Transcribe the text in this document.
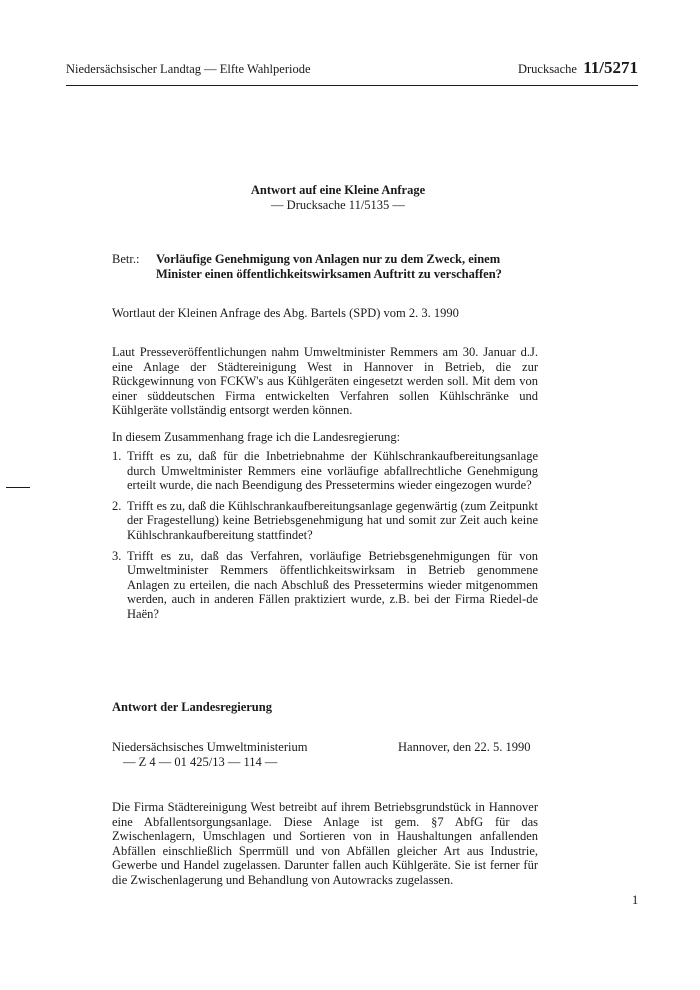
Niedersächsischer Landtag — Elfte Wahlperiode	Drucksache 11/5271
Antwort auf eine Kleine Anfrage
— Drucksache 11/5135 —
Betr.: Vorläufige Genehmigung von Anlagen nur zu dem Zweck, einem Minister einen öffentlichkeitswirksamen Auftritt zu verschaffen?
Wortlaut der Kleinen Anfrage des Abg. Bartels (SPD) vom 2. 3. 1990
Laut Presseveröffentlichungen nahm Umweltminister Remmers am 30. Januar d.J. eine Anlage der Städtereinigung West in Hannover in Betrieb, die zur Rückgewinnung von FCKW's aus Kühlgeräten eingesetzt werden soll. Mit dem von einer süddeutschen Firma entwickelten Verfahren sollen Kühlschränke und Kühlgeräte vollständig entsorgt werden können.
In diesem Zusammenhang frage ich die Landesregierung:
1. Trifft es zu, daß für die Inbetriebnahme der Kühlschrankaufbereitungsanlage durch Umweltminister Remmers eine vorläufige abfallrechtliche Genehmigung erteilt wurde, die nach Beendigung des Pressetermins wieder eingezogen wurde?
2. Trifft es zu, daß die Kühlschrankaufbereitungsanlage gegenwärtig (zum Zeitpunkt der Fragestellung) keine Betriebsgenehmigung hat und somit zur Zeit auch keine Kühlschrankaufbereitung stattfindet?
3. Trifft es zu, daß das Verfahren, vorläufige Betriebsgenehmigungen für von Umweltminister Remmers öffentlichkeitswirksam in Betrieb genommene Anlagen zu erteilen, die nach Abschluß des Pressetermins wieder mitgenommen werden, auch in anderen Fällen praktiziert wurde, z.B. bei der Firma Riedel-de Haën?
Antwort der Landesregierung
Niedersächsisches Umweltministerium
— Z 4 — 01 425/13 — 114 —
Hannover, den 22. 5. 1990
Die Firma Städtereinigung West betreibt auf ihrem Betriebsgrundstück in Hannover eine Abfallentsorgungsanlage. Diese Anlage ist gem. §7 AbfG für das Zwischenlagern, Umschlagen und Sortieren von in Haushaltungen anfallenden Abfällen einschließlich Sperrmüll und von Abfällen gleicher Art aus Industrie, Gewerbe und Handel zugelassen. Darunter fallen auch Kühlgeräte. Sie ist ferner für die Zwischenlagerung und Behandlung von Autowracks zugelassen.
1
